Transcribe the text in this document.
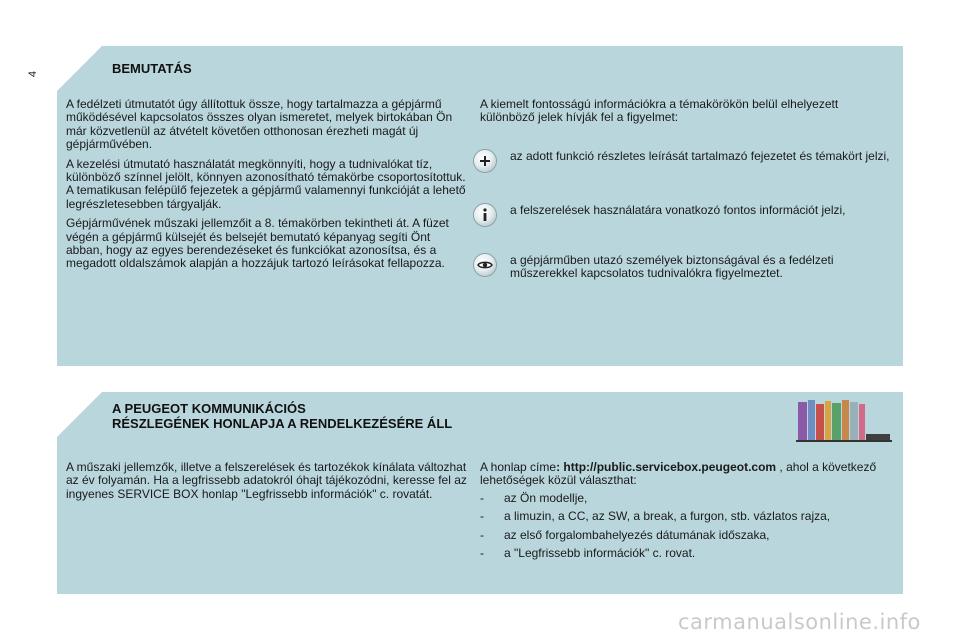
4	BEMUTATÁS

A fedélzeti útmutatót úgy állítottuk össze, hogy tartalmazza a gépjármű működésével kapcsolatos összes olyan ismeretet, melyek birtokában Ön már közvetlenül az átvételt követően otthonosan érezheti magát új gépjárművében.

A kezelési útmutató használatát megkönnyíti, hogy a tudnivalókat tíz, különböző színnel jelölt, könnyen azonosítható témakörbe csoportosítottuk. A tematikusan felépülő fejezetek a gépjármű valamennyi funkcióját a lehető legrészletesebben tárgyalják.

Gépjárművének műszaki jellemzőit a 8. témakörben tekintheti át. A füzet végén a gépjármű külsejét és belsejét bemutató képanyag segíti Önt abban, hogy az egyes berendezéseket és funkciókat azonosítsa, és a megadott oldalszámok alapján a hozzájuk tartozó leírásokat fellapozza.

A kiemelt fontosságú információkra a témakörökön belül elhelyezett különböző jelek hívják fel a figyelmet:
az adott funkció részletes leírását tartalmazó fejezetet és témakört jelzi,
a felszerelések használatára vonatkozó fontos információt jelzi,
a gépjárműben utazó személyek biztonságával és a fedélzeti műszerekkel kapcsolatos tudnivalókra figyelmeztet.
A PEUGEOT KOMMUNIKÁCIÓS
RÉSZLEGÉNEK HONLAPJA A RENDELKEZÉSÉRE ÁLL
A műszaki jellemzők, illetve a felszerelések és tartozékok kínálata változhat az év folyamán. Ha a legfrissebb adatokról óhajt tájékozódni, keresse fel az ingyenes SERVICE BOX honlap "Legfrissebb információk" c. rovatát.
A honlap címe: http://public.servicebox.peugeot.com , ahol a következő lehetőségek közül választhat:
- az Ön modellje,
- a limuzin, a CC, az SW, a break, a furgon, stb. vázlatos rajza,
- az első forgalombahelyezés dátumának időszaka,
- a "Legfrissebb információk" c. rovat.
carmanualsonline.info
